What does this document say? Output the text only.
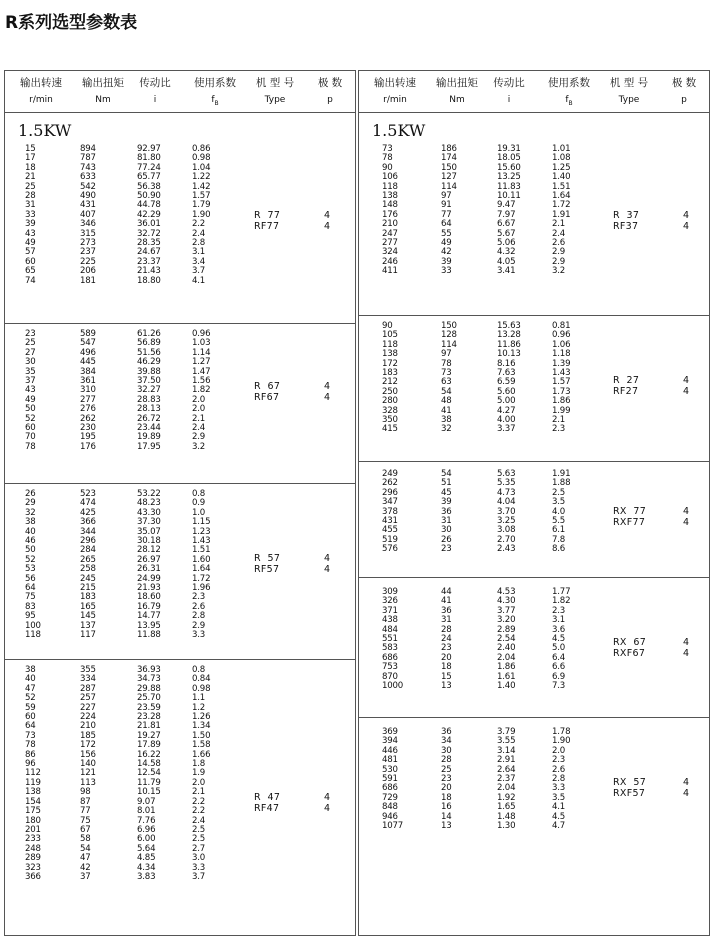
R系列选型参数表
输出转速
r/min
输出扭矩
Nm
传动比
i
使用系数
$f_B$
机 型 号
Type
极 数
p
1.5KW
15
17
18
21
25
28
31
33
39
43
49
57
60
65
74
894
787
743
633
542
490
431
407
346
315
273
237
225
206
181
92.97
81.80
77.24
65.77
56.38
50.90
44.78
42.29
36.01
32.72
28.35
24.67
23.37
21.43
18.80
0.86
0.98
1.04
1.22
1.42
1.57
1.79
1.90
2.2
2.4
2.8
3.1
3.4
3.7
4.1
R  77
RF77
4
4
23
25
27
30
35
37
43
49
50
52
60
70
78
589
547
496
445
384
361
310
277
276
262
230
195
176
61.26
56.89
51.56
46.29
39.88
37.50
32.27
28.83
28.13
26.72
23.44
19.89
17.95
0.96
1.03
1.14
1.27
1.47
1.56
1.82
2.0
2.0
2.1
2.4
2.9
3.2
R  67
RF67
4
4
26
29
32
38
40
46
50
52
53
56
64
75
83
95
100
118
523
474
425
366
344
296
284
265
258
245
215
183
165
145
137
117
53.22
48.23
43.30
37.30
35.07
30.18
28.12
26.97
26.31
24.99
21.93
18.60
16.79
14.77
13.95
11.88
0.8
0.9
1.0
1.15
1.23
1.43
1.51
1.60
1.64
1.72
1.96
2.3
2.6
2.8
2.9
3.3
R  57
RF57
4
4
38
40
47
52
59
60
64
73
78
86
96
112
119
138
154
175
180
201
233
248
289
323
366
355
334
287
257
227
224
210
185
172
156
140
121
113
98
87
77
75
67
58
54
47
42
37
36.93
34.73
29.88
25.70
23.59
23.28
21.81
19.27
17.89
16.22
14.58
12.54
11.79
10.15
9.07
8.01
7.76
6.96
6.00
5.64
4.85
4.34
3.83
0.8
0.84
0.98
1.1
1.2
1.26
1.34
1.50
1.58
1.66
1.8
1.9
2.0
2.1
2.2
2.2
2.4
2.5
2.5
2.7
3.0
3.3
3.7
R  47
RF47
4
4
输出转速
r/min
输出扭矩
Nm
传动比
i
使用系数
$f_B$
机 型 号
Type
极 数
p
1.5KW
73
78
90
106
118
138
148
176
210
247
277
324
246
411
186
174
150
127
114
97
91
77
64
55
49
42
39
33
19.31
18.05
15.60
13.25
11.83
10.11
9.47
7.97
6.67
5.67
5.06
4.32
4.05
3.41
1.01
1.08
1.25
1.40
1.51
1.64
1.72
1.91
2.1
2.4
2.6
2.9
2.9
3.2
R  37
RF37
4
4
90
105
118
138
172
183
212
250
280
328
350
415
150
128
114
97
78
73
63
54
48
41
38
32
15.63
13.28
11.86
10.13
8.16
7.63
6.59
5.60
5.00
4.27
4.00
3.37
0.81
0.96
1.06
1.18
1.39
1.43
1.57
1.73
1.86
1.99
2.1
2.3
R  27
RF27
4
4
249
262
296
347
378
431
455
519
576
54
51
45
39
36
31
30
26
23
5.63
5.35
4.73
4.04
3.70
3.25
3.08
2.70
2.43
1.91
1.88
2.5
3.5
4.0
5.5
6.1
7.8
8.6
RX  77
RXF77
4
4
309
326
371
438
484
551
583
686
753
870
1000
44
41
36
31
28
24
23
20
18
15
13
4.53
4.30
3.77
3.20
2.89
2.54
2.40
2.04
1.86
1.61
1.40
1.77
1.82
2.3
3.1
3.6
4.5
5.0
6.4
6.6
6.9
7.3
RX  67
RXF67
4
4
369
394
446
481
530
591
686
729
848
946
1077
36
34
30
28
25
23
20
18
16
14
13
3.79
3.55
3.14
2.91
2.64
2.37
2.04
1.92
1.65
1.48
1.30
1.78
1.90
2.0
2.3
2.6
2.8
3.3
3.5
4.1
4.5
4.7
RX  57
RXF57
4
4
